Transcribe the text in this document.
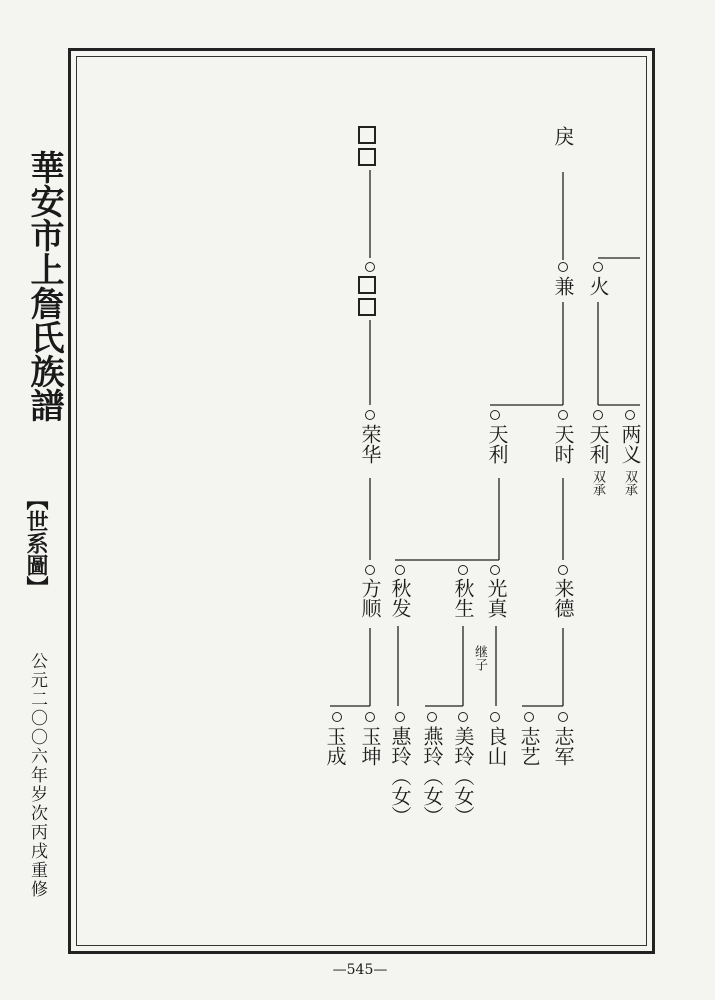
華安市上詹氏族譜
【世系圖】
公元二〇〇六年岁次丙戌重修
戾
兼 火
荣华	天利 天时 天利
双承
两义
双承
方顺 秋发 秋生
继子
光真 来德
玉成 玉坤 惠玲（女） 燕玲（女） 美玲（女） 良山 志艺 志军
—545—
